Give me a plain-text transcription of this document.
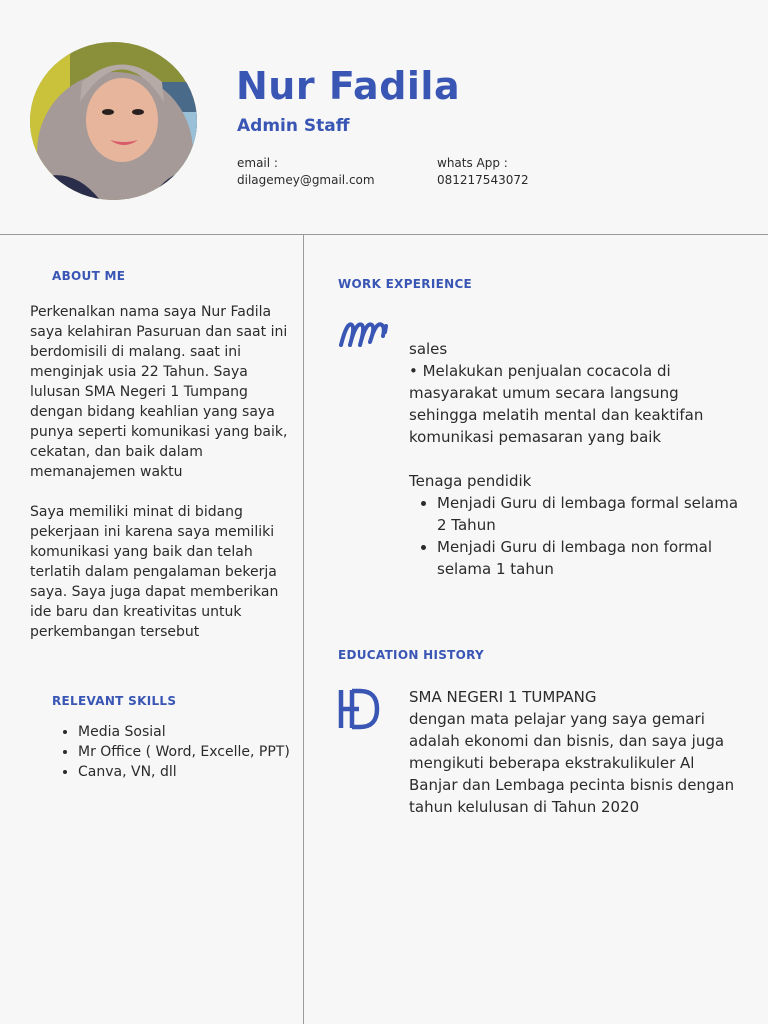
Nur Fadila
Admin Staff
email :
dilagemey@gmail.com
whats App :
081217543072
ABOUT ME

Perkenalkan nama saya Nur Fadila saya kelahiran Pasuruan dan saat ini berdomisili di malang. saat ini menginjak usia 22 Tahun. Saya lulusan SMA Negeri 1 Tumpang dengan bidang keahlian yang saya punya seperti komunikasi yang baik, cekatan, dan baik dalam memanajemen waktu

Saya memiliki minat di bidang pekerjaan ini karena saya memiliki komunikasi yang baik dan telah terlatih dalam pengalaman bekerja saya. Saya juga dapat memberikan ide baru dan kreativitas untuk perkembangan tersebut

RELEVANT SKILLS
• Media Sosial
• Mr Office ( Word, Excelle, PPT)
• Canva, VN, dll
WORK EXPERIENCE
sales
• Melakukan penjualan cocacola di masyarakat umum secara langsung sehingga melatih mental dan keaktifan komunikasi pemasaran yang baik
Tenaga pendidik
• Menjadi Guru di lembaga formal selama 2 Tahun
• Menjadi Guru di lembaga non formal selama 1 tahun
EDUCATION HISTORY
SMA NEGERI 1 TUMPANG
dengan mata pelajar yang saya gemari adalah ekonomi dan bisnis, dan saya juga mengikuti beberapa ekstrakulikuler Al Banjar dan Lembaga pecinta bisnis dengan tahun kelulusan di Tahun 2020
